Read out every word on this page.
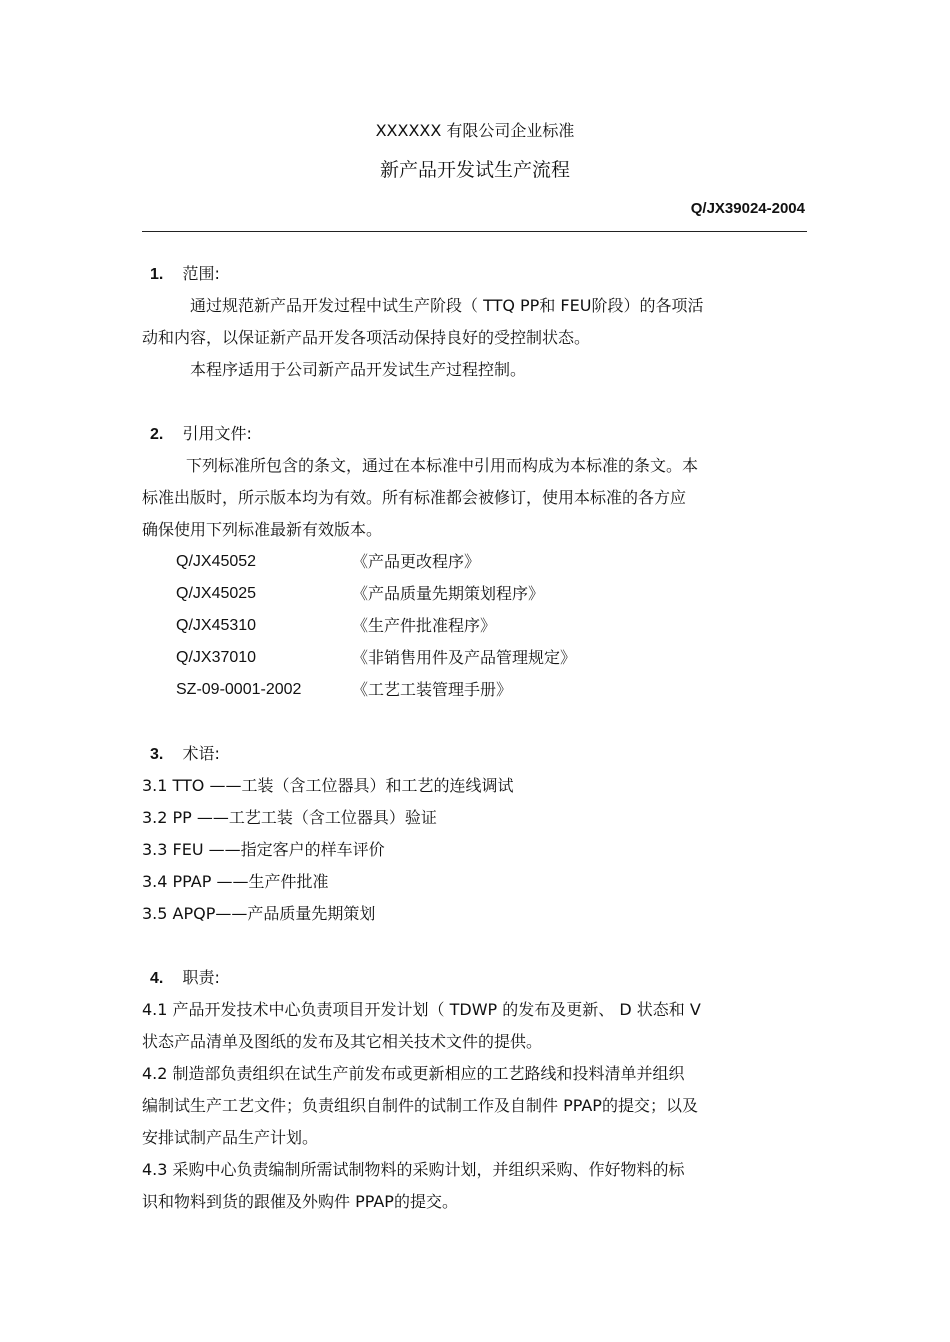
XXXXXX 有限公司企业标准
新产品开发试生产流程
Q/JX39024-2004
1. 范围:
通过规范新产品开发过程中试生产阶段（ TTQ PP和 FEU阶段）的各项活
动和内容，以保证新产品开发各项活动保持良好的受控制状态。
本程序适用于公司新产品开发试生产过程控制。
2. 引用文件:
下列标准所包含的条文，通过在本标准中引用而构成为本标准的条文。本
标准出版时，所示版本均为有效。所有标准都会被修订，使用本标准的各方应
确保使用下列标准最新有效版本。
Q/JX45052	《产品更改程序》
Q/JX45025	《产品质量先期策划程序》
Q/JX45310	《生产件批准程序》
Q/JX37010	《非销售用件及产品管理规定》
SZ-09-0001-2002	《工艺工装管理手册》
3. 术语:
3.1 TTO ——工装（含工位器具）和工艺的连线调试
3.2 PP ——工艺工装（含工位器具）验证
3.3 FEU ——指定客户的样车评价
3.4 PPAP ——生产件批准
3.5 APQP——产品质量先期策划
4. 职责:
4.1 产品开发技术中心负责项目开发计划（ TDWP 的发布及更新、 D 状态和 V
状态产品清单及图纸的发布及其它相关技术文件的提供。
4.2 制造部负责组织在试生产前发布或更新相应的工艺路线和投料清单并组织
编制试生产工艺文件；负责组织自制件的试制工作及自制件 PPAP的提交；以及
安排试制产品生产计划。
4.3 采购中心负责编制所需试制物料的采购计划，并组织采购、作好物料的标
识和物料到货的跟催及外购件 PPAP的提交。
